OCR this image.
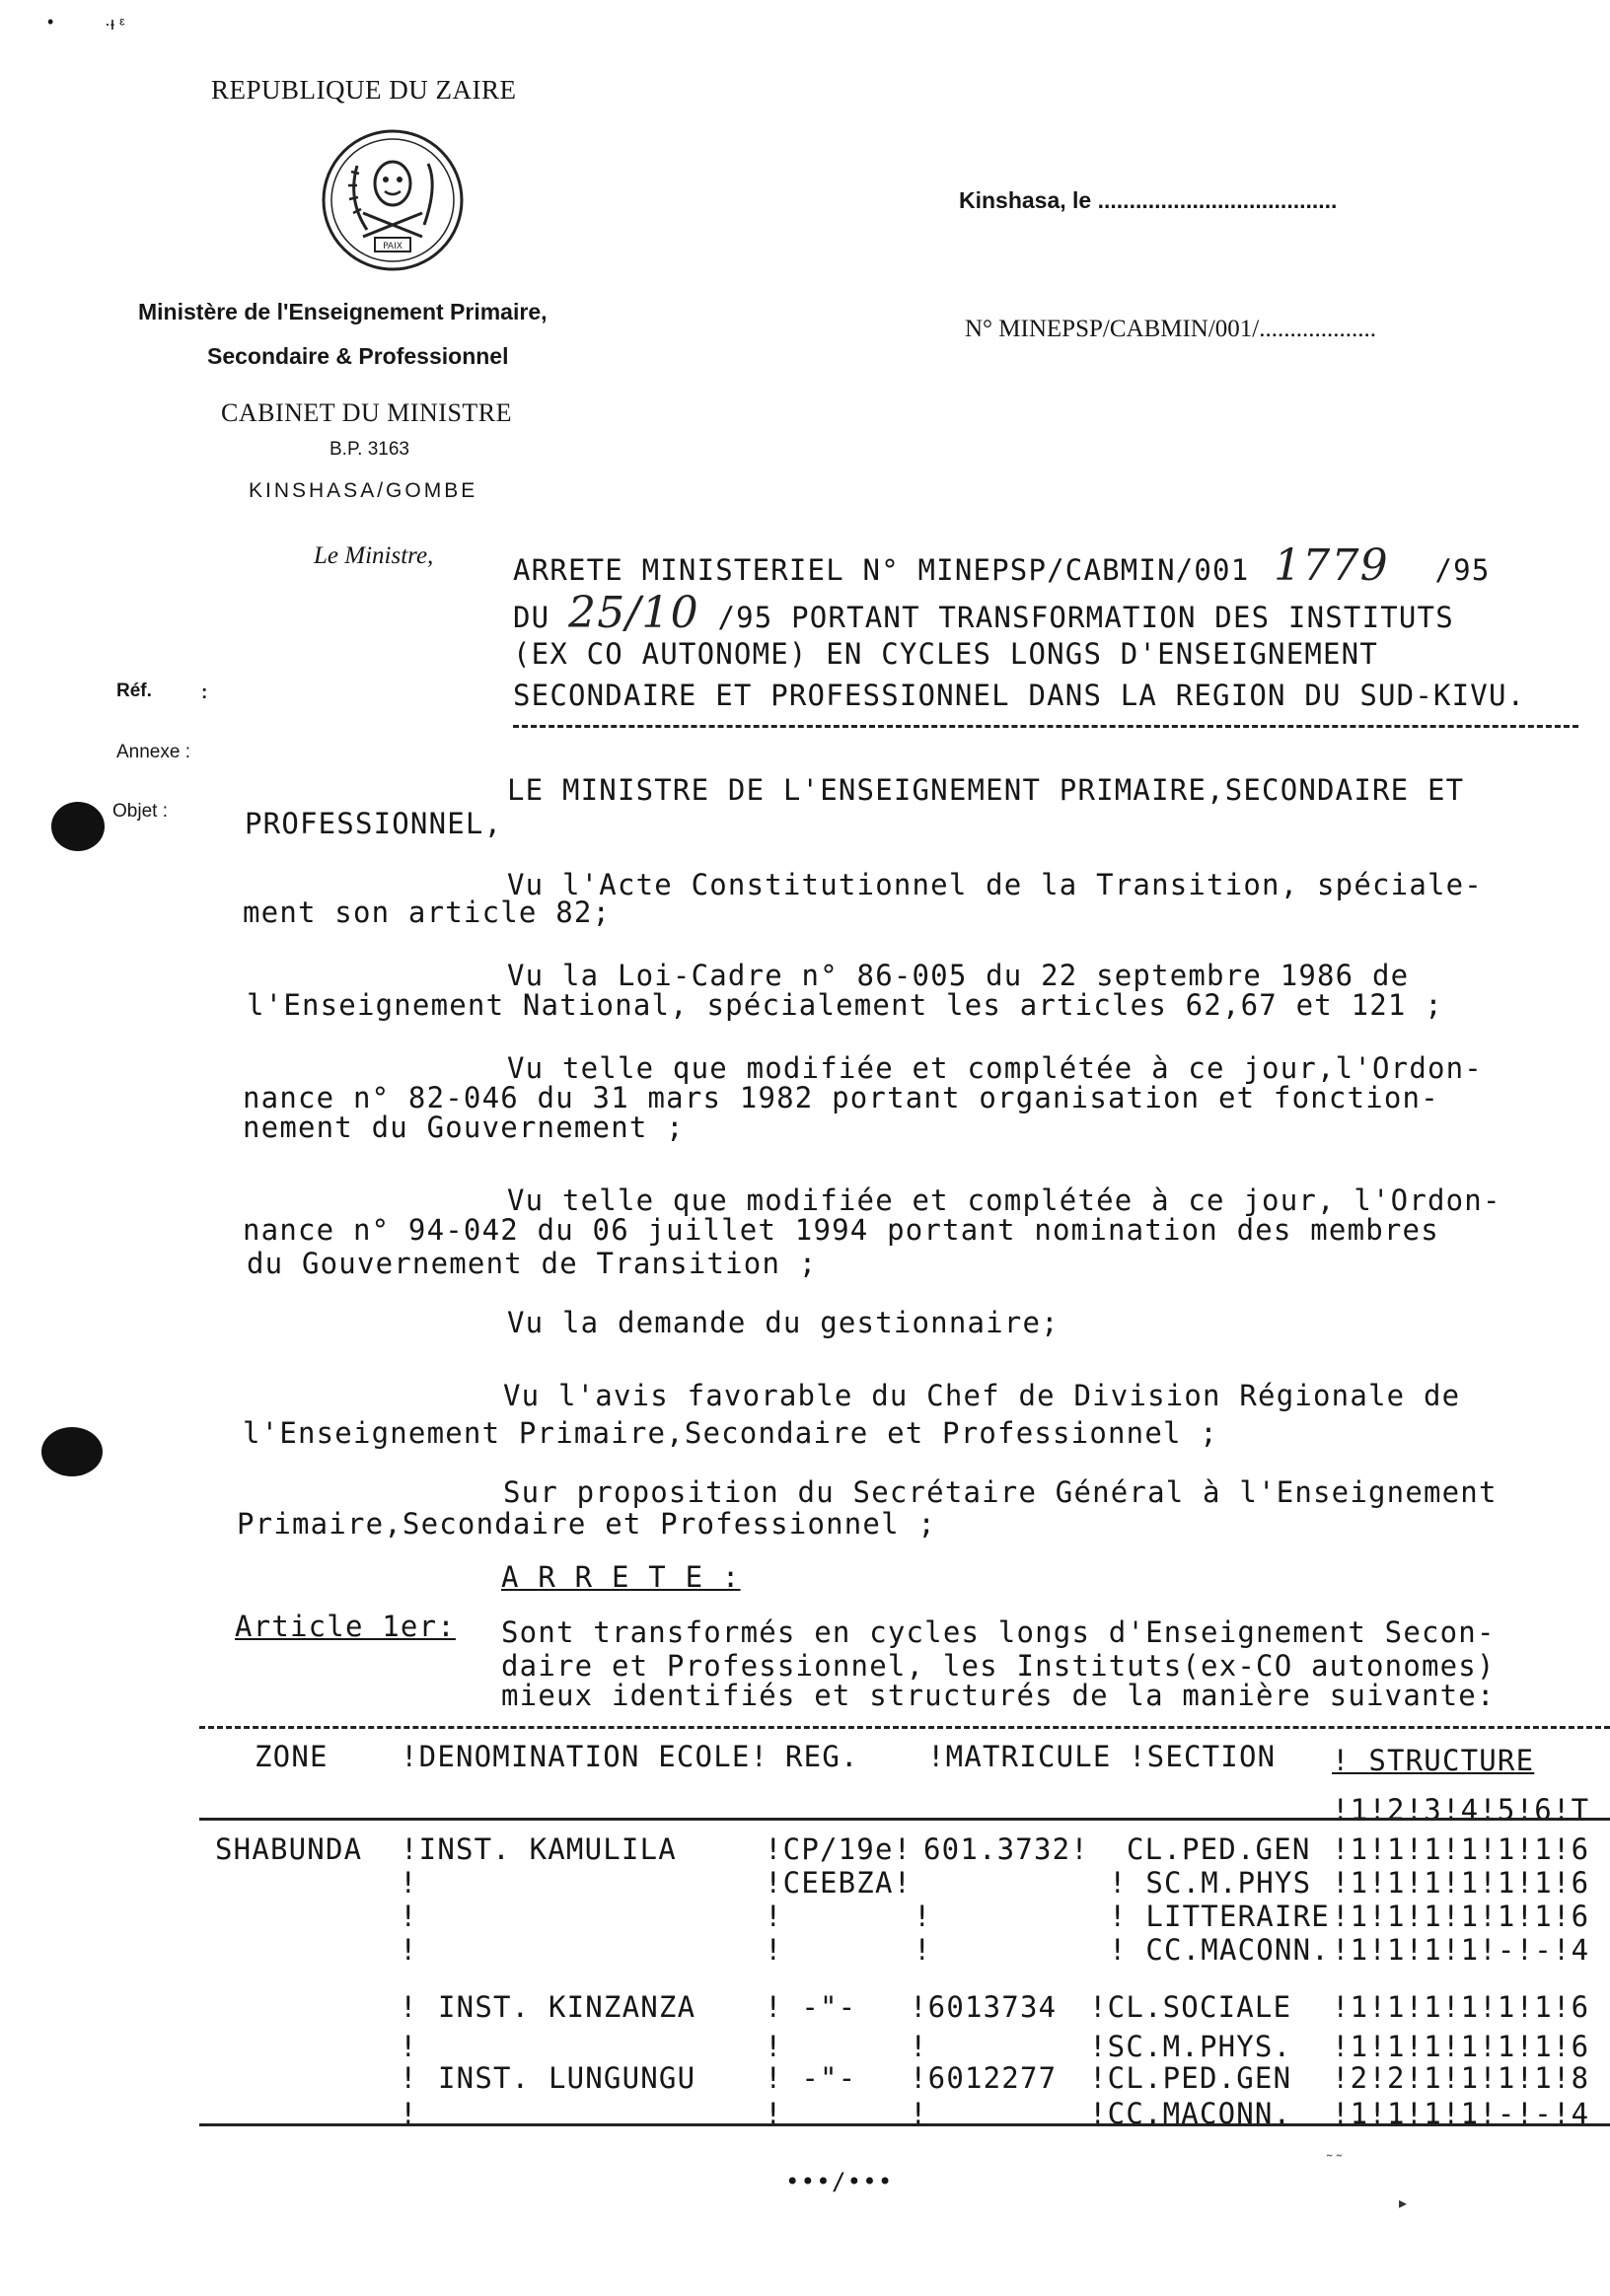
•	·ᵻ ᵋ
REPUBLIQUE DU ZAIRE
PAIX
Ministère de l'Enseignement Primaire,
Secondaire & Professionnel
CABINET DU MINISTRE
B.P. 3163
KINSHASA/GOMBE
Kinshasa, le ......................................
N° MINEPSP/CABMIN/001/...................
Le Ministre,	ARRETE MINISTERIEL N° MINEPSP/CABMIN/001 1779 /95
DU 25/10 /95 PORTANT TRANSFORMATION DES INSTITUTS
(EX CO AUTONOME) EN CYCLES LONGS D'ENSEIGNEMENT
SECONDAIRE ET PROFESSIONNEL DANS LA REGION DU SUD-KIVU.
Réf.	:
Annexe :
Objet :
LE MINISTRE DE L'ENSEIGNEMENT PRIMAIRE,SECONDAIRE ET
PROFESSIONNEL,
Vu l'Acte Constitutionnel de la Transition, spéciale-
ment son article 82;
Vu la Loi-Cadre n° 86-005 du 22 septembre 1986 de
l'Enseignement National, spécialement les articles 62,67 et 121 ;
Vu telle que modifiée et complétée à ce jour,l'Ordon-
nance n° 82-046 du 31 mars 1982 portant organisation et fonction-
nement du Gouvernement ;
Vu telle que modifiée et complétée à ce jour, l'Ordon-
nance n° 94-042 du 06 juillet 1994 portant nomination des membres
du Gouvernement de Transition ;
Vu la demande du gestionnaire;
Vu l'avis favorable du Chef de Division Régionale de
l'Enseignement Primaire,Secondaire et Professionnel ;
Sur proposition du Secrétaire Général à l'Enseignement
Primaire,Secondaire et Professionnel ;
A R R E T E :
Article 1er: Sont transformés en cycles longs d'Enseignement Secon-
daire et Professionnel, les Instituts(ex-CO autonomes)
mieux identifiés et structurés de la manière suivante:
ZONE	!DENOMINATION ECOLE! REG. !MATRICULE !SECTION ! STRUCTURE
!1!2!3!4!5!6!T
SHABUNDA !INST. KAMULILA	!CP/19e! 601.3732! CL.PED.GEN !1!1!1!1!1!1!6
!	!CEEBZA!	! SC.M.PHYS !1!1!1!1!1!1!6
!	!	!	! LITTERAIRE !1!1!1!1!1!1!6
!	!	!	! CC.MACONN. !1!1!1!1!-!-!4
! INST. KINZANZA ! -"- !6013734 !CL.SOCIALE !1!1!1!1!1!1!6
!	!	!	!SC.M.PHYS. !1!1!1!1!1!1!6
! INST. LUNGUNGU ! -"- !6012277 !CL.PED.GEN !2!2!1!1!1!1!8
!	!	!	!CC.MACONN. !1!1!1!1!-!-!4
•••/•••
˜ ˜
▸
